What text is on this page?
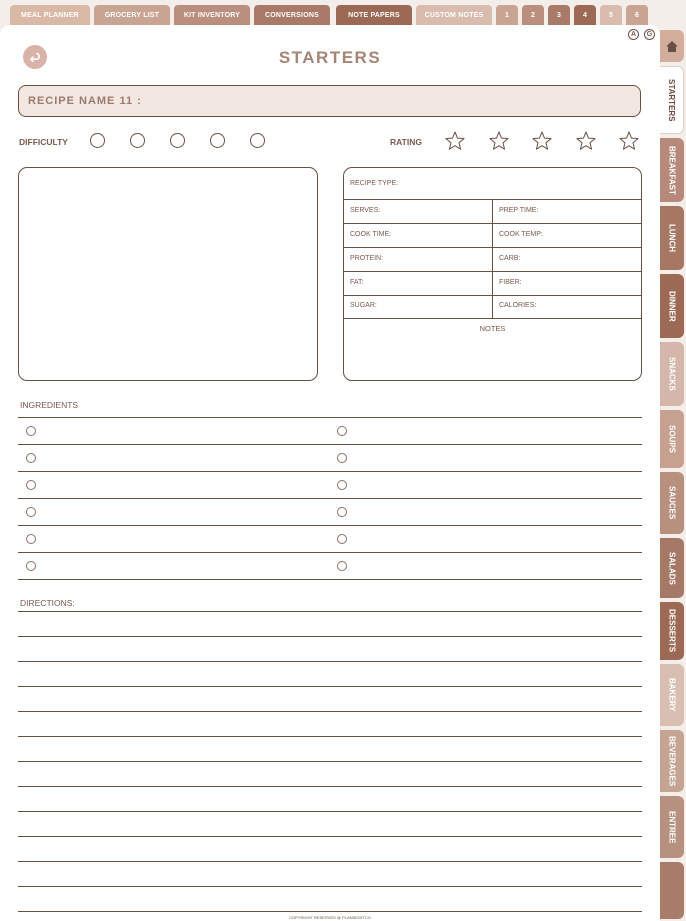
MEAL PLANNER	GROCERY LIST	KIT INVENTORY	CONVERSIONS	NOTE PAPERS	CUSTOM NOTES	1	2	3	4	5	6
A	G
STARTERS
RECIPE NAME 11 :
DIFFICULTY	RATING
RECIPE TYPE:
SERVES:	PREP TIME:
COOK TIME:	COOK TEMP:
PROTEIN:	CARB:
FAT:	FIBER:
SUGAR:	CALORIES:
NOTES
INGREDIENTS
DIRECTIONS:
COPYRIGHT RESERVED @ PLANSIGHTCO
STARTERS
BREAKFAST
LUNCH
DINNER
SNACKS
SOUPS
SAUCES
SALADS
DESSERTS
BAKERY
BEVERAGES
ENTREE
